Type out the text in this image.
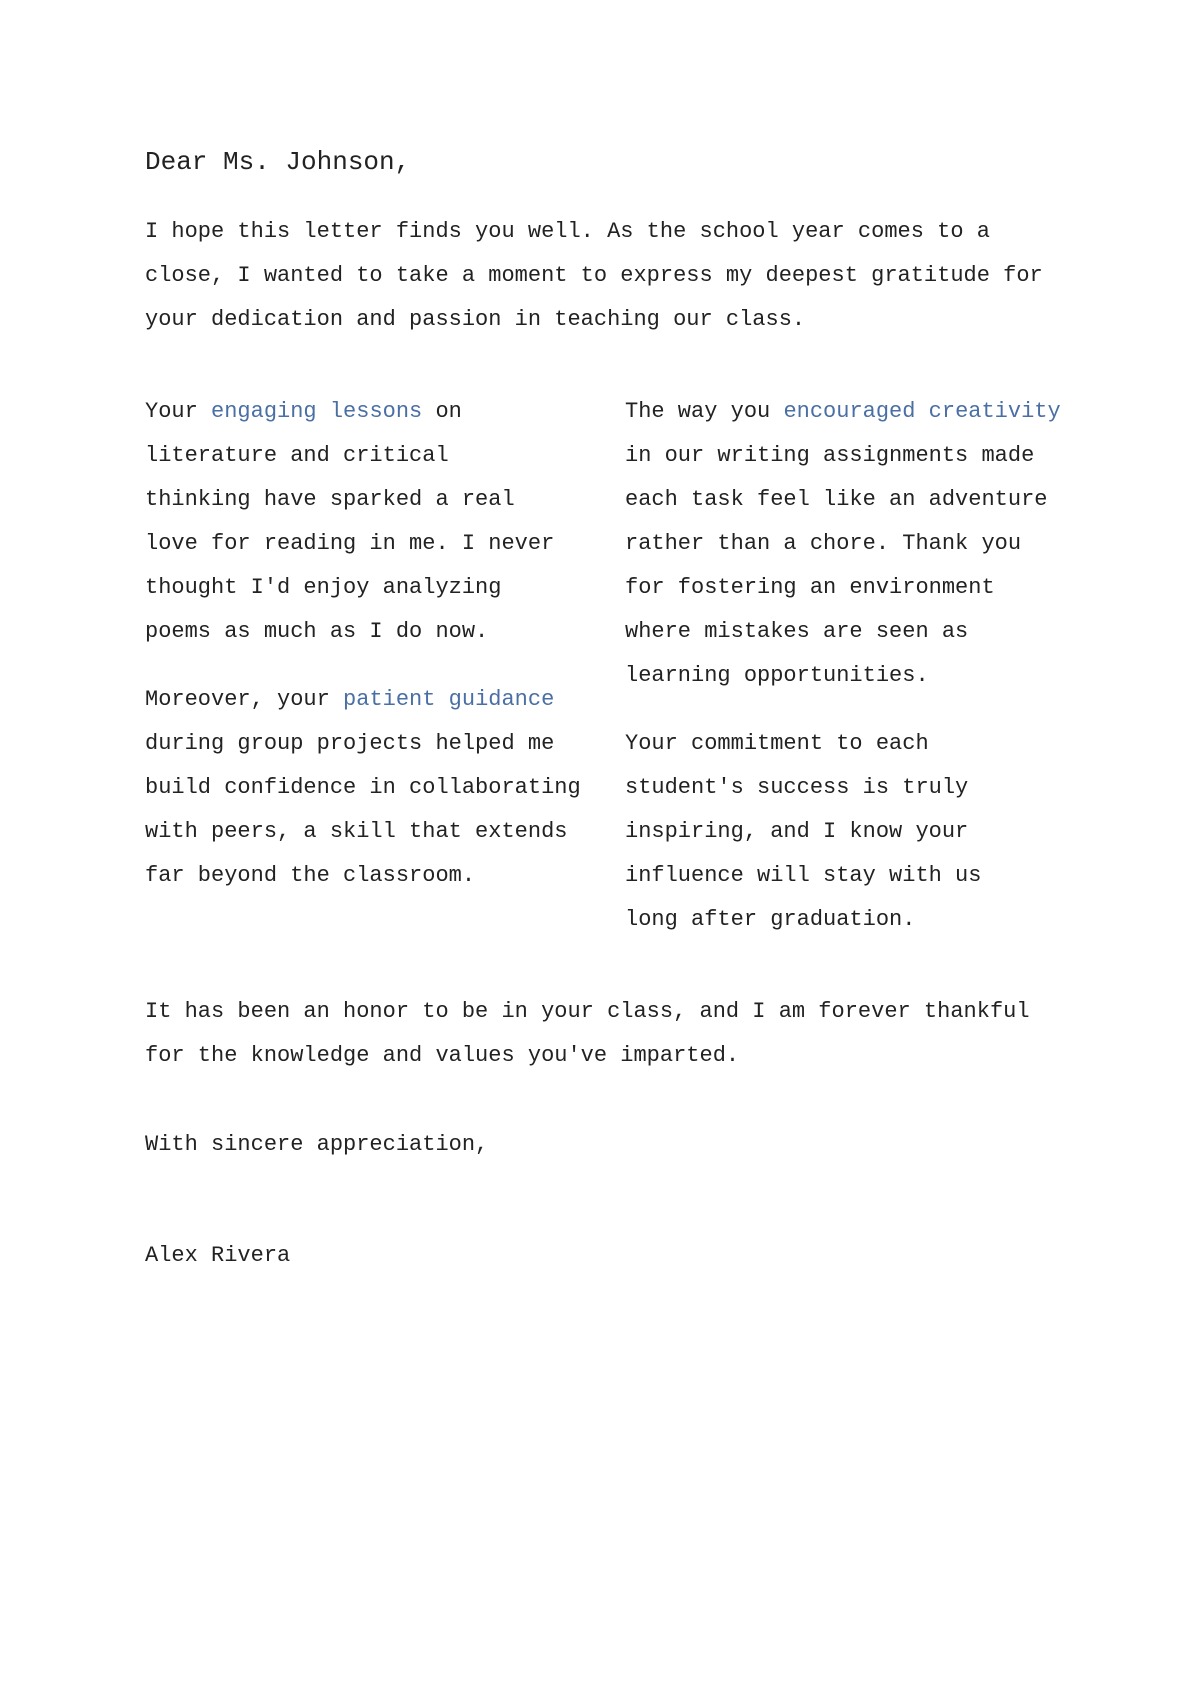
Dear Ms. Johnson,

I hope this letter finds you well. As the school year comes to a close, I wanted to take a moment to express my deepest gratitude for your dedication and passion in teaching our class.

Your engaging lessons on literature and critical thinking have sparked a real love for reading in me. I never thought I'd enjoy analyzing poems as much as I do now.

Moreover, your patient guidance during group projects helped me build confidence in collaborating with peers, a skill that extends far beyond the classroom.

The way you encouraged creativity in our writing assignments made each task feel like an adventure rather than a chore. Thank you for fostering an environment where mistakes are seen as learning opportunities.

Your commitment to each student's success is truly inspiring, and I know your influence will stay with us long after graduation.

It has been an honor to be in your class, and I am forever thankful for the knowledge and values you've imparted.

With sincere appreciation,

Alex Rivera
